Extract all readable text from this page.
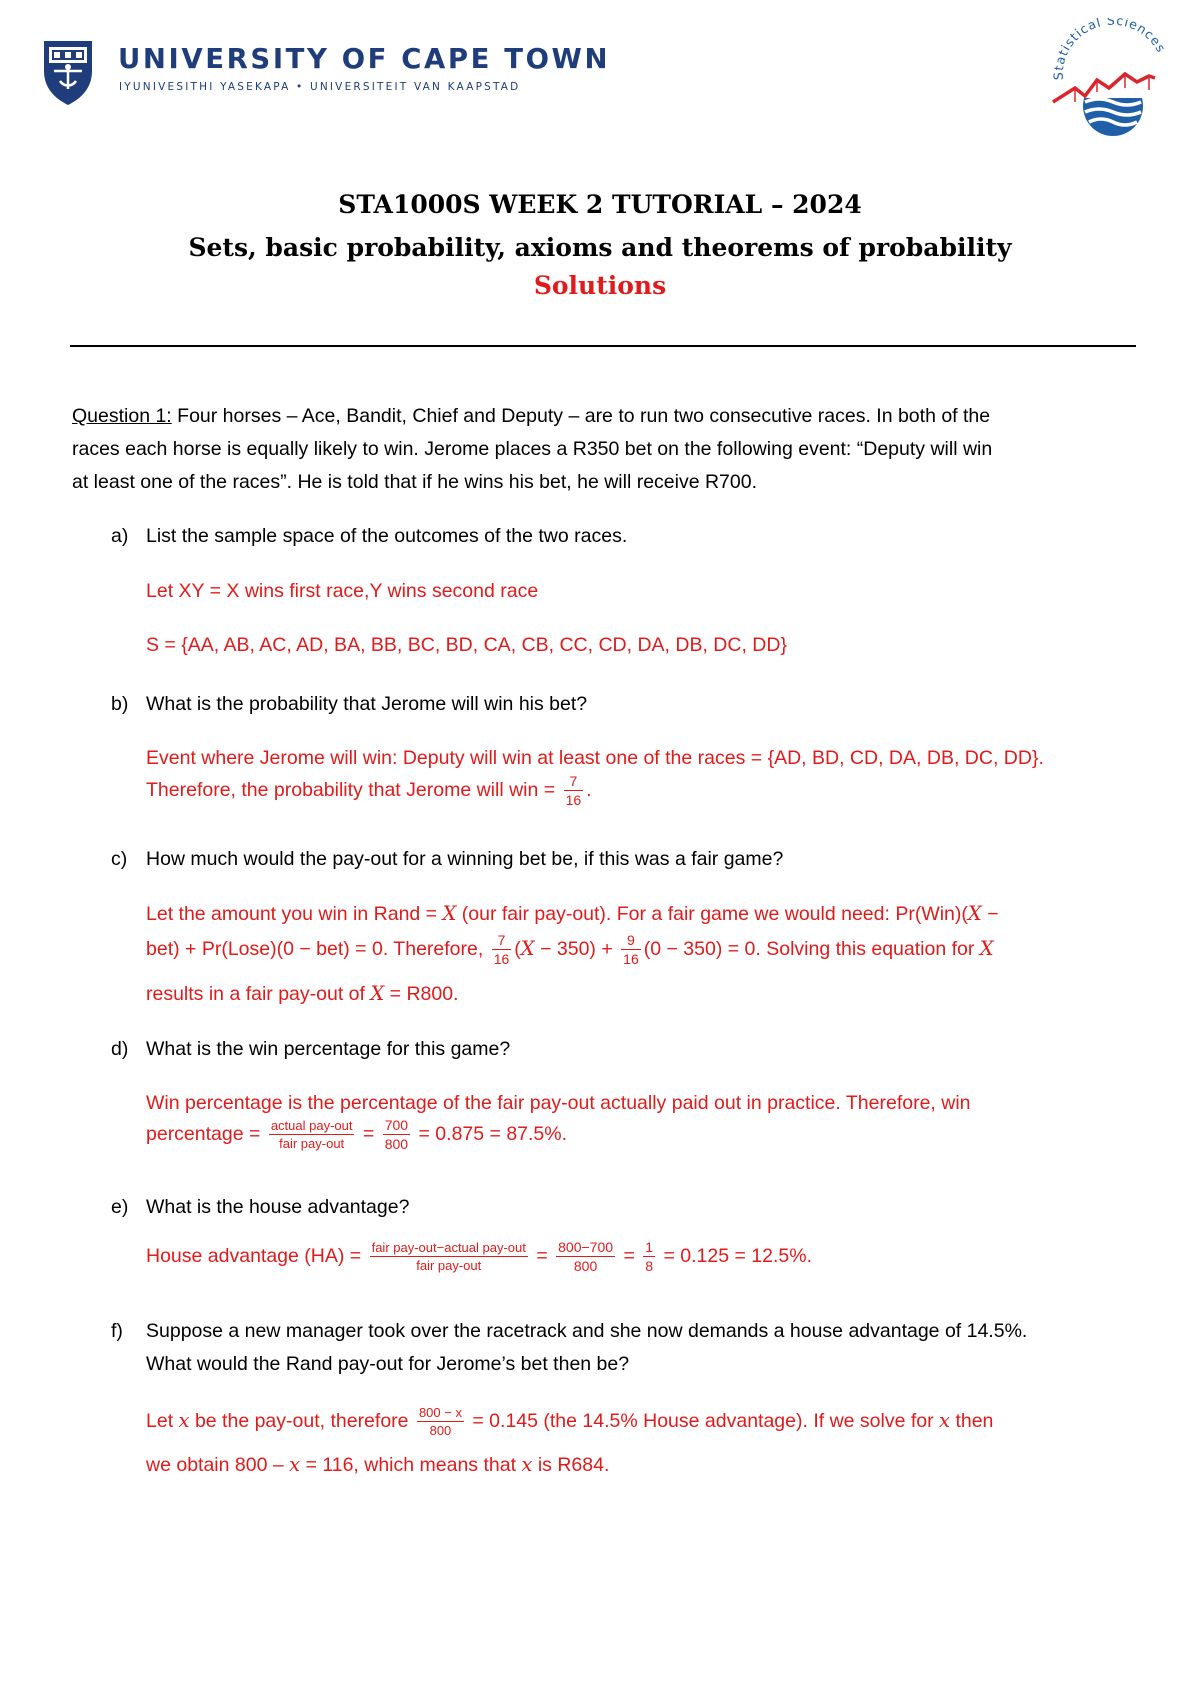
UNIVERSITY OF CAPE TOWN
IYUNIVESITHI YASEKAPA • UNIVERSITEIT VAN KAAPSTAD
Statistical Sciences
STA1000S WEEK 2 TUTORIAL – 2024
Sets, basic probability, axioms and theorems of probability
Solutions
Question 1: Four horses – Ace, Bandit, Chief and Deputy – are to run two consecutive races. In both of the
races each horse is equally likely to win. Jerome places a R350 bet on the following event: “Deputy will win
at least one of the races”. He is told that if he wins his bet, he will receive R700.
a) List the sample space of the outcomes of the two races.
Let XY = X wins first race,Y wins second race
S = {AA, AB, AC, AD, BA, BB, BC, BD, CA, CB, CC, CD, DA, DB, DC, DD}
b) What is the probability that Jerome will win his bet?
Event where Jerome will win: Deputy will win at least one of the races = {AD, BD, CD, DA, DB, DC, DD}.
Therefore, the probability that Jerome will win = $\frac{7}{16}$ .
c) How much would the pay-out for a winning bet be, if this was a fair game?
Let the amount you win in Rand = X (our fair pay-out). For a fair game we would need: Pr(Win)(X −
bet) + Pr(Lose)(0 − bet) = 0. Therefore, $\frac{7}{16} (X - 350) + \frac{9}{16} (0 - 350) = 0$. Solving this equation for X
results in a fair pay-out of X = R800.
d) What is the win percentage for this game?
Win percentage is the percentage of the fair pay-out actually paid out in practice. Therefore, win
percentage = $\frac{\text{actual pay-out}}{\text{fair pay-out}} = \frac{700}{800} = 0.875 = 87.5\%$.
e) What is the house advantage?
House advantage $(HA) = \frac{\text{fair pay-out−actual pay-out}}{\text{fair pay-out}} = \frac{800-700}{800} = \frac{1}{8} = 0.125 = 12.5\%$.
f) Suppose a new manager took over the racetrack and she now demands a house advantage of 14.5%.
What would the Rand pay-out for Jerome’s bet then be?
Let x be the pay-out, therefore $\frac{800 - x}{800} = 0.145$ (the 14.5% House advantage). If we solve for x then
we obtain 800 – x = 116, which means that x is R684.
